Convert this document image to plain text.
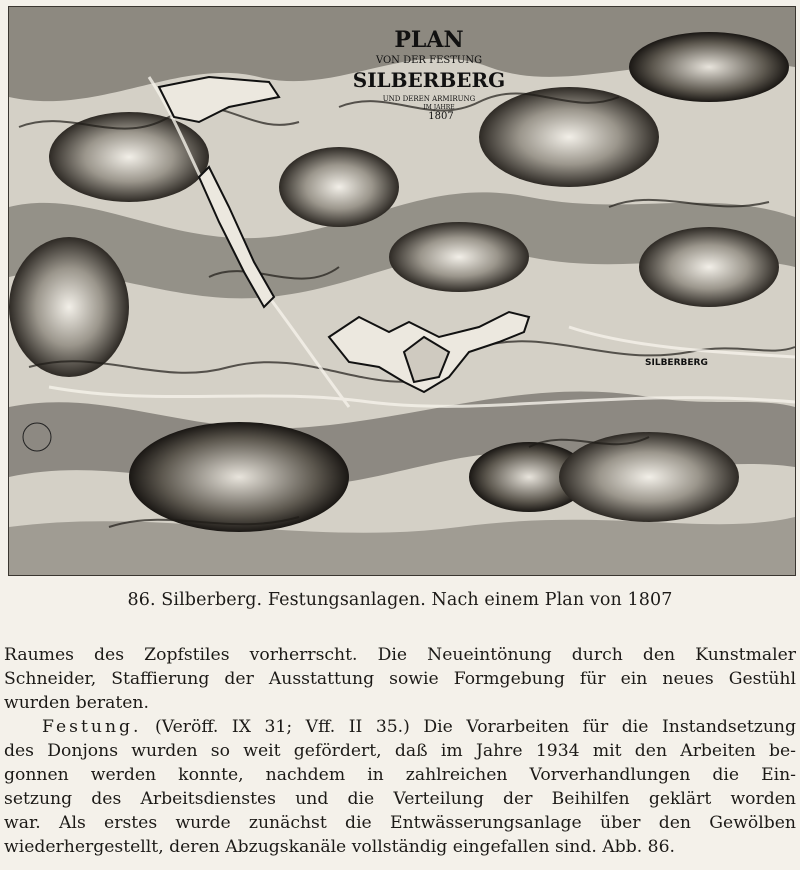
PLAN
VON DER FESTUNG
SILBERBERG
UND DEREN ARMIRUNG
IM JAHRE
1807
SILBERBERG
86. Silberberg. Festungsanlagen. Nach einem Plan von 1807

Raumes des Zopfstiles vorherrscht. Die Neueintönung durch den Kunstmaler
Schneider, Staffierung der Ausstattung sowie Formgebung für ein neues Gestühl
wurden beraten.

Festung. (Veröff. IX 31; Vff. II 35.) Die Vorarbeiten für die Instandsetzung
des Donjons wurden so weit gefördert, daß im Jahre 1934 mit den Arbeiten be-
gonnen werden konnte, nachdem in zahlreichen Vorverhandlungen die Ein-
setzung des Arbeitsdienstes und die Verteilung der Beihilfen geklärt worden
war. Als erstes wurde zunächst die Entwässerungsanlage über den Gewölben
wiederhergestellt, deren Abzugskanäle vollständig eingefallen sind. Abb. 86.
